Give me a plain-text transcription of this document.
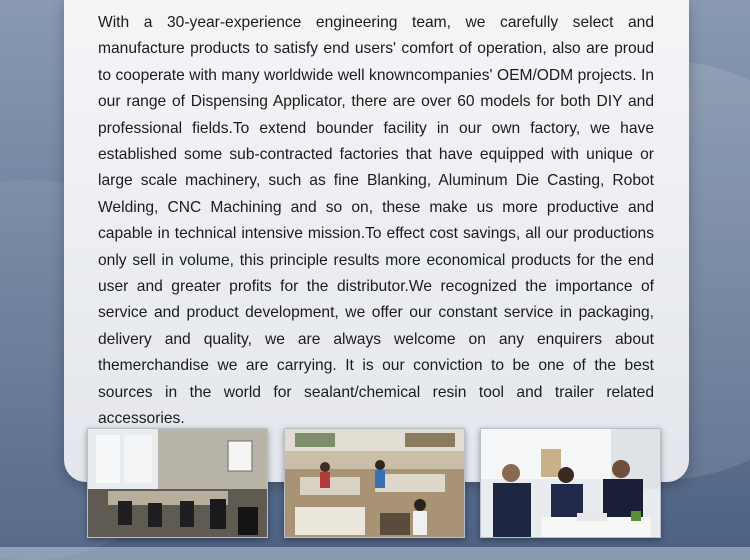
With a 30-year-experience engineering team, we carefully select and manufacture products to satisfy end users' comfort of operation, also are proud to cooperate with many worldwide well knowncompanies' OEM/ODM projects. In our range of Dispensing Applicator, there are over 60 models for both DIY and professional fields.To extend bounder facility in our own factory, we have established some sub-contracted factories that have equipped with unique or large scale machinery, such as fine Blanking, Aluminum Die Casting, Robot Welding, CNC Machining and so on, these make us more productive and capable in technical intensive mission.To effect cost savings, all our productions only sell in volume, this principle results more economical products for the end user and greater profits for the distributor.We recognized the importance of service and product development, we offer our constant service in packaging, delivery and quality, we are always welcome on any enquirers about themerchandise we are carrying. It is our conviction to be one of the best sources in the world for sealant/chemical resin tool and trailer related accessories.
